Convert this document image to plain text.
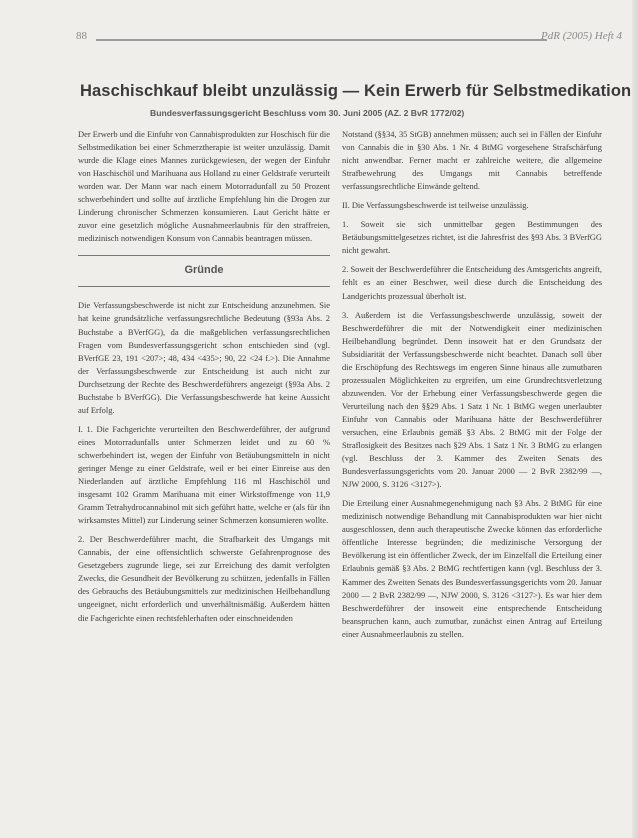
88	PdR (2005) Heft 4
Haschischkauf bleibt unzulässig — Kein Erwerb für Selbstmedikation
Bundesverfassungsgericht Beschluss vom 30. Juni 2005 (AZ. 2 BvR 1772/02)

Der Erwerb und die Einfuhr von Cannabisprodukten zur Hoschisch für die Selbstmedikation bei einer Schmerztherapie ist weiter unzulässig. Damit wurde die Klage eines Mannes zurückgewiesen, der wegen der Einfuhr von Haschischöl und Marihuana aus Holland zu einer Geldstrafe verurteilt worden war. Der Mann war nach einem Motorradunfall zu 50 Prozent schwerbehindert und sollte auf ärztliche Empfehlung hin die Drogen zur Linderung chronischer Schmerzen konsumieren. Laut Gericht hätte er zuvor eine gesetzlich mögliche Ausnahmeerlaubnis für den straffreien, medizinisch notwendigen Konsum von Cannabis beantragen müssen.

Gründe

Die Verfassungsbeschwerde ist nicht zur Entscheidung anzunehmen. Sie hat keine grundsätzliche verfassungsrechtliche Bedeutung (§93a Abs. 2 Buchstabe a BVerfGG), da die maßgeblichen verfassungsrechtlichen Fragen vom Bundesverfassungsgericht schon entschieden sind (vgl. BVerfGE 23, 191 <207>; 48, 434 <435>; 90, 22 <24 f.>). Die Annahme der Verfassungsbeschwerde zur Entscheidung ist auch nicht zur Durchsetzung der Rechte des Beschwerdeführers angezeigt (§93a Abs. 2 Buchstabe b BVerfGG). Die Verfassungsbeschwerde hat keine Aussicht auf Erfolg.

I. 1. Die Fachgerichte verurteilten den Beschwerdeführer, der aufgrund eines Motorradunfalls unter Schmerzen leidet und zu 60 % schwerbehindert ist, wegen der Einfuhr von Betäubungsmitteln in nicht geringer Menge zu einer Geldstrafe, weil er bei einer Einreise aus den Niederlanden auf ärztliche Empfehlung 116 ml Haschischöl und insgesamt 102 Gramm Marihuana mit einer Wirkstoffmenge von 11,9 Gramm Tetrahydrocannabinol mit sich geführt hatte, welche er (als für ihn wirksamstes Mittel) zur Linderung seiner Schmerzen konsumieren wollte.

2. Der Beschwerdeführer macht, die Strafbarkeit des Umgangs mit Cannabis, der eine offensichtlich schwerste Gefahrenprognose des Gesetzgebers zugrunde liege, sei zur Erreichung des damit verfolgten Zwecks, die Gesundheit der Bevölkerung zu schützen, jedenfalls in Fällen des Gebrauchs des Betäubungsmittels zur medizinischen Heilbehandlung ungeeignet, nicht erforderlich und unverhältnismäßig. Außerdem hätten die Fachgerichte einen rechtsfehlerhaften oder einschneidenden

Notstand (§§34, 35 StGB) annehmen müssen; auch sei in Fällen der Einfuhr von Cannabis die in §30 Abs. 1 Nr. 4 BtMG vorgesehene Strafschärfung nicht anwendbar. Ferner macht er zahlreiche weitere, die allgemeine Strafbewehrung des Umgangs mit Cannabis betreffende verfassungsrechtliche Einwände geltend.

II. Die Verfassungsbeschwerde ist teilweise unzulässig.

1. Soweit sie sich unmittelbar gegen Bestimmungen des Betäubungsmittelgesetzes richtet, ist die Jahresfrist des §93 Abs. 3 BVerfGG nicht gewahrt.

2. Soweit der Beschwerdeführer die Entscheidung des Amtsgerichts angreift, fehlt es an einer Beschwer, weil diese durch die Entscheidung des Landgerichts prozessual überholt ist.

3. Außerdem ist die Verfassungsbeschwerde unzulässig, soweit der Beschwerdeführer die mit der Notwendigkeit einer medizinischen Heilbehandlung begründet. Denn insoweit hat er den Grundsatz der Subsidiarität der Verfassungsbeschwerde nicht beachtet. Danach soll über die Erschöpfung des Rechtswegs im engeren Sinne hinaus alle zumutbaren prozessualen Möglichkeiten zu ergreifen, um eine Grundrechtsverletzung abzuwenden. Vor der Erhebung einer Verfassungsbeschwerde gegen die Verurteilung nach den §§29 Abs. 1 Satz 1 Nr. 1 BtMG wegen unerlaubter Einfuhr von Cannabis oder Marihuana hätte der Beschwerdeführer versuchen, eine Erlaubnis gemäß §3 Abs. 2 BtMG mit der Folge der Straflosigkeit des Besitzes nach §29 Abs. 1 Satz 1 Nr. 3 BtMG zu erlangen (vgl. Beschluss der 3. Kammer des Zweiten Senats des Bundesverfassungsgerichts vom 20. Januar 2000 — 2 BvR 2382/99 —, NJW 2000, S. 3126 <3127>).

Die Erteilung einer Ausnahmegenehmigung nach §3 Abs. 2 BtMG für eine medizinisch notwendige Behandlung mit Cannabisprodukten war hier nicht ausgeschlossen, denn auch therapeutische Zwecke können das erforderliche öffentliche Interesse begründen; die medizinische Versorgung der Bevölkerung ist ein öffentlicher Zweck, der im Einzelfall die Erteilung einer Erlaubnis gemäß §3 Abs. 2 BtMG rechtfertigen kann (vgl. Beschluss der 3. Kammer des Zweiten Senats des Bundesverfassungsgerichts vom 20. Januar 2000 — 2 BvR 2382/99 —, NJW 2000, S. 3126 <3127>). Es war hier dem Beschwerdeführer der insoweit eine entsprechende Entscheidung beanspruchen kann, auch zumutbar, zunächst einen Antrag auf Erteilung einer Ausnahmeerlaubnis zu stellen.
